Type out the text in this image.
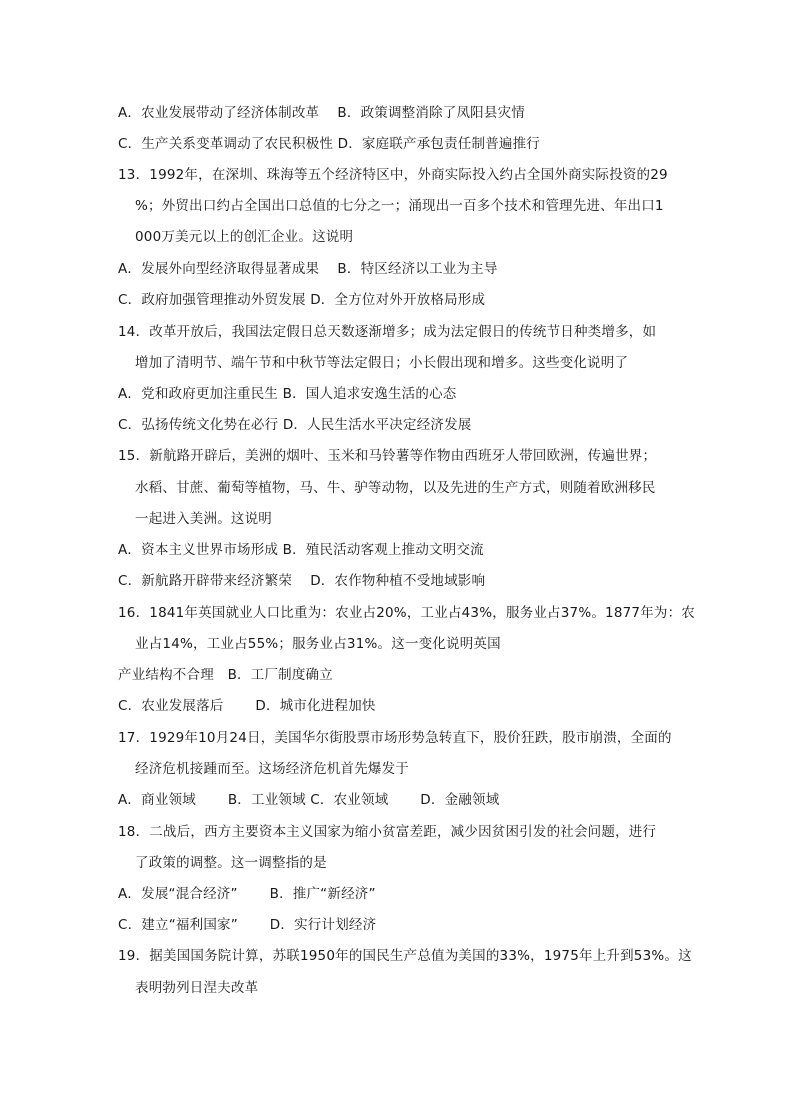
A．农业发展带动了经济体制改革　 B．政策调整消除了凤阳县灾情
C．生产关系变革调动了农民积极性 D．家庭联产承包责任制普遍推行
13．1992年，在深圳、珠海等五个经济特区中，外商实际投入约占全国外商实际投资的29
%；外贸出口约占全国出口总值的七分之一；涌现出一百多个技术和管理先进、年出口1
000万美元以上的创汇企业。这说明
A．发展外向型经济取得显著成果　 B．特区经济以工业为主导
C．政府加强管理推动外贸发展 D．全方位对外开放格局形成
14．改革开放后，我国法定假日总天数逐渐增多；成为法定假日的传统节日种类增多，如
增加了清明节、端午节和中秋节等法定假日；小长假出现和增多。这些变化说明了
A．党和政府更加注重民生 B．国人追求安逸生活的心态
C．弘扬传统文化势在必行 D．人民生活水平决定经济发展
15．新航路开辟后，美洲的烟叶、玉米和马铃薯等作物由西班牙人带回欧洲，传遍世界；
水稻、甘蔗、葡萄等植物，马、牛、驴等动物，以及先进的生产方式，则随着欧洲移民
一起进入美洲。这说明
A．资本主义世界市场形成 B．殖民活动客观上推动文明交流
C．新航路开辟带来经济繁荣　 D．农作物种植不受地域影响
16．1841年英国就业人口比重为：农业占20%，工业占43%，服务业占37%。1877年为：农
业占14%，工业占55%；服务业占31%。这一变化说明英国
产业结构不合理　B．工厂制度确立
C．农业发展落后　　 D．城市化进程加快
17．1929年10月24日，美国华尔街股票市场形势急转直下，股价狂跌，股市崩溃，全面的
经济危机接踵而至。这场经济危机首先爆发于
A．商业领域　　 B．工业领域 C．农业领域　　 D．金融领域
18．二战后，西方主要资本主义国家为缩小贫富差距，减少因贫困引发的社会问题，进行
了政策的调整。这一调整指的是
A．发展“混合经济”　　 B．推广“新经济”
C．建立“福利国家”　　 D．实行计划经济
19．据美国国务院计算，苏联1950年的国民生产总值为美国的33%，1975年上升到53%。这
表明勃列日涅夫改革
